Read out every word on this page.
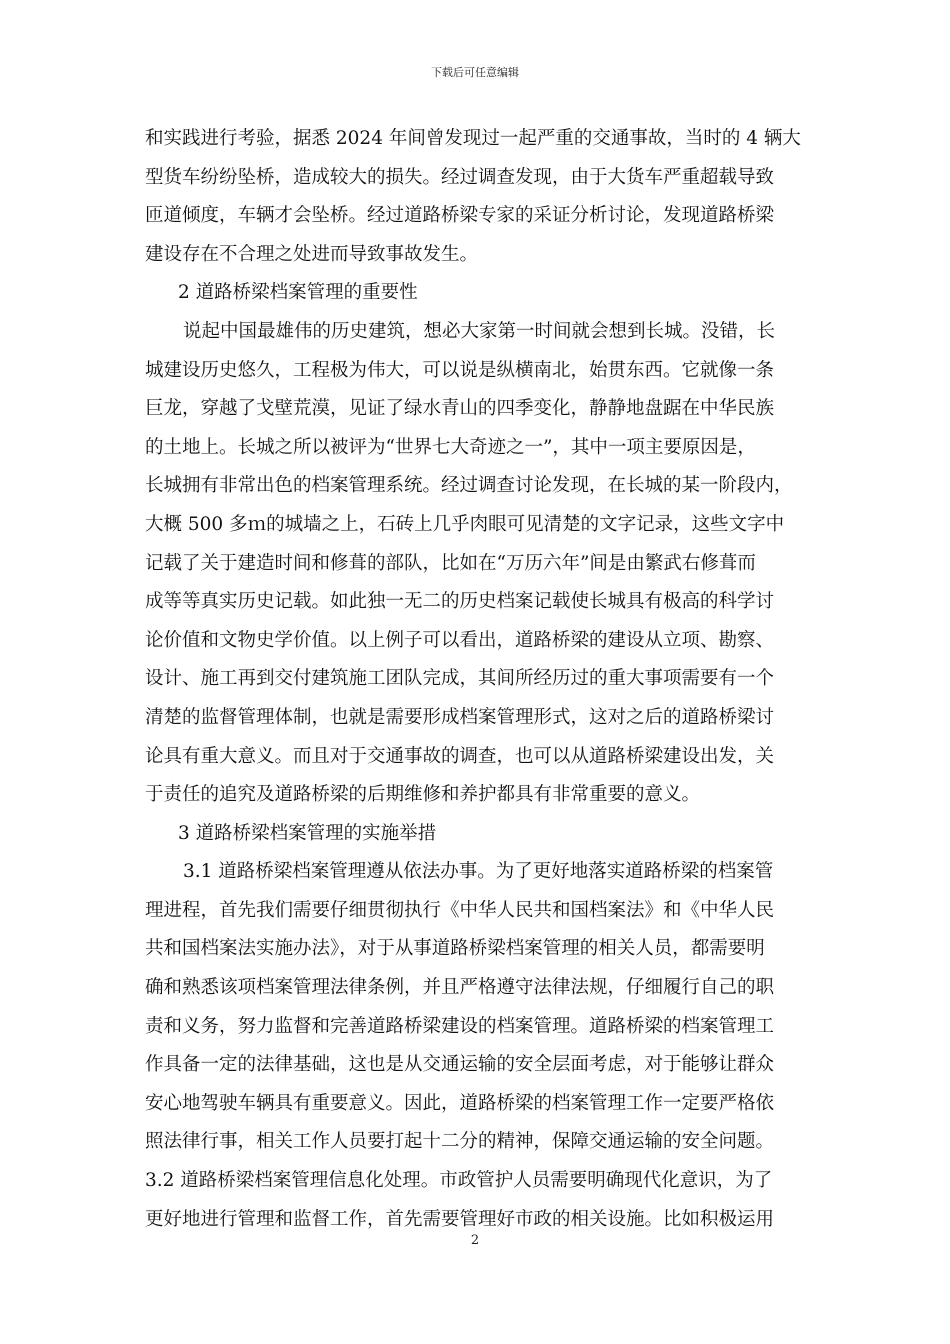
下载后可任意编辑
和实践进行考验，据悉 2024 年间曾发现过一起严重的交通事故，当时的 4 辆大
型货车纷纷坠桥，造成较大的损失。经过调查发现，由于大货车严重超载导致
匝道倾度，车辆才会坠桥。经过道路桥梁专家的采证分析讨论，发现道路桥梁
建设存在不合理之处进而导致事故发生。
2 道路桥梁档案管理的重要性
说起中国最雄伟的历史建筑，想必大家第一时间就会想到长城。没错，长
城建设历史悠久，工程极为伟大，可以说是纵横南北，始贯东西。它就像一条
巨龙，穿越了戈壁荒漠，见证了绿水青山的四季变化，静静地盘踞在中华民族
的土地上。长城之所以被评为“世界七大奇迹之一”，其中一项主要原因是，
长城拥有非常出色的档案管理系统。经过调查讨论发现，在长城的某一阶段内，
大概 500 多ｍ的城墙之上，石砖上几乎肉眼可见清楚的文字记录，这些文字中
记载了关于建造时间和修葺的部队，比如在“万历六年”间是由繁武右修葺而
成等等真实历史记载。如此独一无二的历史档案记载使长城具有极高的科学讨
论价值和文物史学价值。以上例子可以看出，道路桥梁的建设从立项、勘察、
设计、施工再到交付建筑施工团队完成，其间所经历过的重大事项需要有一个
清楚的监督管理体制，也就是需要形成档案管理形式，这对之后的道路桥梁讨
论具有重大意义。而且对于交通事故的调查，也可以从道路桥梁建设出发，关
于责任的追究及道路桥梁的后期维修和养护都具有非常重要的意义。
3 道路桥梁档案管理的实施举措
3.1 道路桥梁档案管理遵从依法办事。为了更好地落实道路桥梁的档案管
理进程，首先我们需要仔细贯彻执行《中华人民共和国档案法》和《中华人民
共和国档案法实施办法》，对于从事道路桥梁档案管理的相关人员，都需要明
确和熟悉该项档案管理法律条例，并且严格遵守法律法规，仔细履行自己的职
责和义务，努力监督和完善道路桥梁建设的档案管理。道路桥梁的档案管理工
作具备一定的法律基础，这也是从交通运输的安全层面考虑，对于能够让群众
安心地驾驶车辆具有重要意义。因此，道路桥梁的档案管理工作一定要严格依
照法律行事，相关工作人员要打起十二分的精神，保障交通运输的安全问题。
3.2 道路桥梁档案管理信息化处理。市政管护人员需要明确现代化意识，为了
更好地进行管理和监督工作，首先需要管理好市政的相关设施。比如积极运用
2
